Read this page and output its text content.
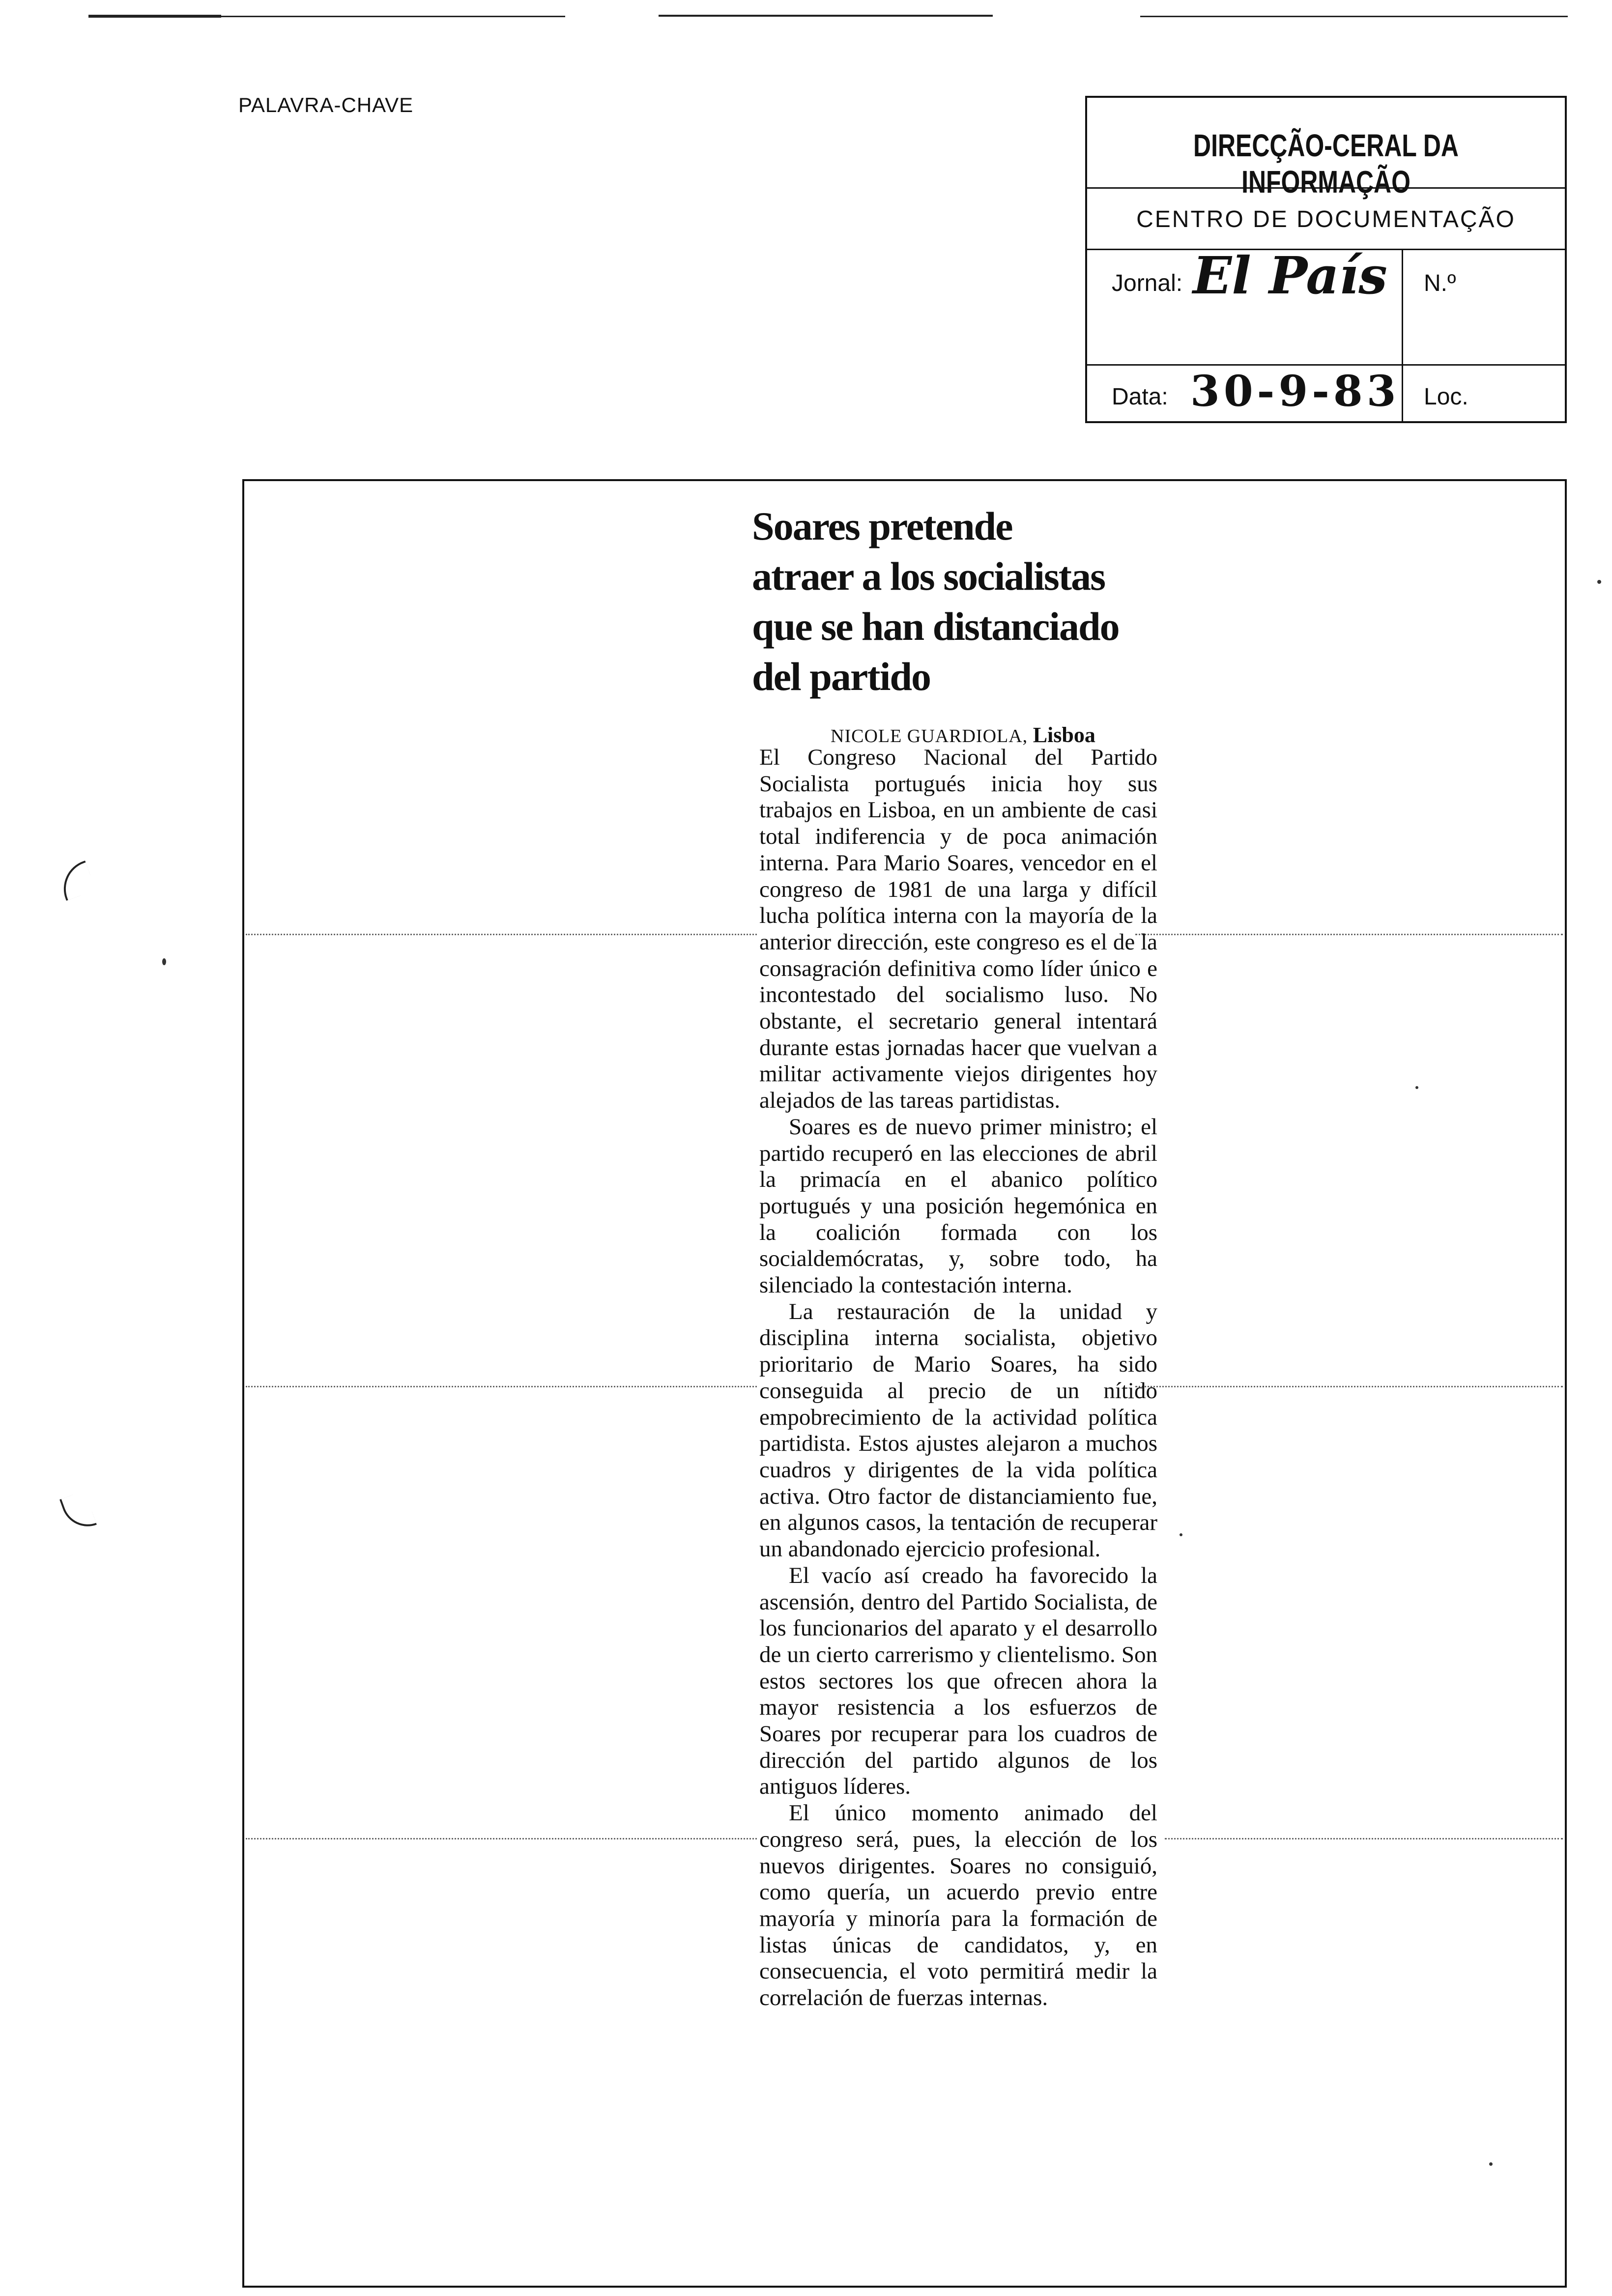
PALAVRA-CHAVE
DIRECÇÃO-CERAL DA INFORMAÇÃO
CENTRO DE DOCUMENTAÇÃO
Jornal: El País N.º
Data: 30-9-83 Loc.
Soares pretende
atraer a los socialistas
que se han distanciado
del partido
NICOLE GUARDIOLA, Lisboa

El Congreso Nacional del Partido Socialista portugués inicia hoy sus trabajos en Lisboa, en un ambiente de casi total indiferencia y de poca animación interna. Para Mario Soares, vencedor en el congreso de 1981 de una larga y difícil lucha política interna con la mayoría de la anterior dirección, este congreso es el de la consagración definitiva como líder único e incontestado del socialismo luso. No obstante, el secretario general intentará durante estas jornadas hacer que vuelvan a militar activamente viejos dirigentes hoy alejados de las tareas partidistas.

Soares es de nuevo primer ministro; el partido recuperó en las elecciones de abril la primacía en el abanico político portugués y una posición hegemónica en la coalición formada con los socialdemócratas, y, sobre todo, ha silenciado la contestación interna.

La restauración de la unidad y disciplina interna socialista, objetivo prioritario de Mario Soares, ha sido conseguida al precio de un nítido empobrecimiento de la actividad política partidista. Estos ajustes alejaron a muchos cuadros y dirigentes de la vida política activa. Otro factor de distanciamiento fue, en algunos casos, la tentación de recuperar un abandonado ejercicio profesional.

El vacío así creado ha favorecido la ascensión, dentro del Partido Socialista, de los funcionarios del aparato y el desarrollo de un cierto carrerismo y clientelismo. Son estos sectores los que ofrecen ahora la mayor resistencia a los esfuerzos de Soares por recuperar para los cuadros de dirección del partido algunos de los antiguos líderes.

El único momento animado del congreso será, pues, la elección de los nuevos dirigentes. Soares no consiguió, como quería, un acuerdo previo entre mayoría y minoría para la formación de listas únicas de candidatos, y, en consecuencia, el voto permitirá medir la correlación de fuerzas internas.
